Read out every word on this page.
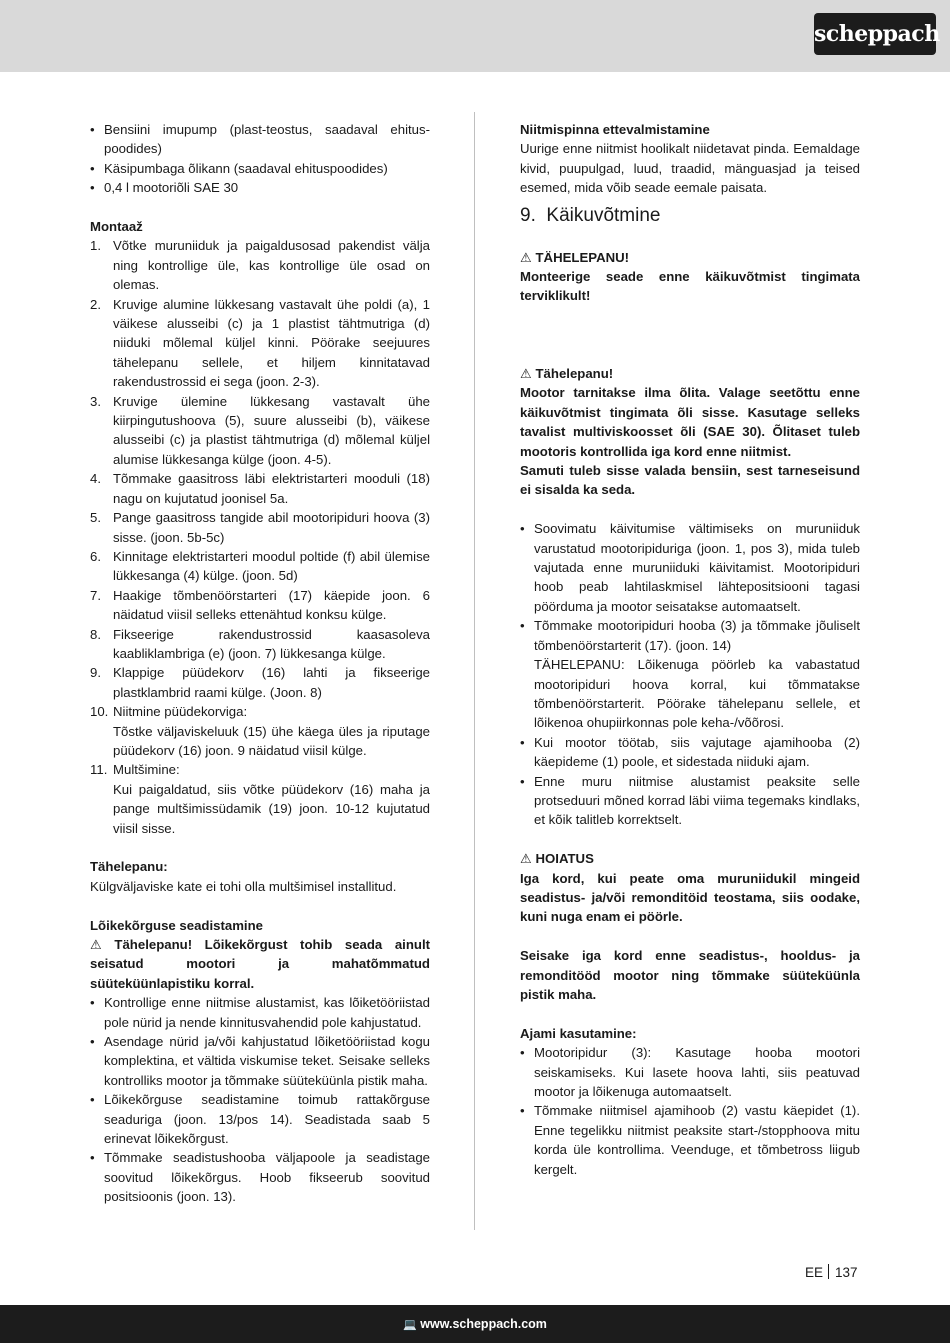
scheppach
• Bensiini imupump (plast-teostus, saadaval ehitus-poodides)
• Käsipumbaga õlikann (saadaval ehituspoodides)
• 0,4 l mootoriõli SAE 30

Montaaž

1. Võtke muruniiduk ja paigaldusosad pakendist välja ning kontrollige üle, kas kontrollige üle osad on olemas.
2. Kruvige alumine lükkesang vastavalt ühe poldi (a), 1 väikese alusseibi (c) ja 1 plastist tähtmutriga (d) niiduki mõlemal küljel kinni. Pöörake seejuures tähelepanu sellele, et hiljem kinnitatavad rakendustrossid ei sega (joon. 2-3).
3. Kruvige ülemine lükkesang vastavalt ühe kiirpingutushoova (5), suure alusseibi (b), väikese alusseibi (c) ja plastist tähtmutriga (d) mõlemal küljel alumise lükkesanga külge (joon. 4-5).
4. Tõmmake gaasitross läbi elektristarteri mooduli (18) nagu on kujutatud joonisel 5a.
5. Pange gaasitross tangide abil mootoripiduri hoova (3) sisse. (joon. 5b-5c)
6. Kinnitage elektristarteri moodul poltide (f) abil ülemise lükkesanga (4) külge. (joon. 5d)
7. Haakige tõmbenöörstarteri (17) käepide joon. 6 näidatud viisil selleks ettenähtud konksu külge.
8. Fikseerige rakendustrossid kaasasoleva kaabliklambriga (e) (joon. 7) lükkesanga külge.
9. Klappige püüdekorv (16) lahti ja fikseerige plastklambrid raami külge. (Joon. 8)
10. Niitmine püüdekorviga:
Tõstke väljaviskeluuk (15) ühe käega üles ja riputage püüdekorv (16) joon. 9 näidatud viisil külge.
11. Multšimine:
Kui paigaldatud, siis võtke püüdekorv (16) maha ja pange multšimissüdamik (19) joon. 10-12 kujutatud viisil sisse.

Tähelepanu:

Külgväljaviske kate ei tohi olla multšimisel installitud.

Lõikekõrguse seadistamine

⚠ Tähelepanu! Lõikekõrgust tohib seada ainult seisatud mootori ja mahatõmmatud süüteküünlapistiku korral.

• Kontrollige enne niitmise alustamist, kas lõiketööriistad pole nürid ja nende kinnitusvahendid pole kahjustatud.
• Asendage nürid ja/või kahjustatud lõiketööriistad kogu komplektina, et vältida viskumise teket. Seisake selleks kontrolliks mootor ja tõmmake süüteküünla pistik maha.
• Lõikekõrguse seadistamine toimub rattakõrguse seaduriga (joon. 13/pos 14). Seadistada saab 5 erinevat lõikekõrgust.
• Tõmmake seadistushooba väljapoole ja seadistage soovitud lõikekõrgus. Hoob fikseerub soovitud positsioonis (joon. 13).

Niitmispinna ettevalmistamine

Uurige enne niitmist hoolikalt niidetavat pinda. Eemaldage kivid, puupulgad, luud, traadid, mänguasjad ja teised esemed, mida võib seade eemale paisata.

9. Käikuvõtmine

⚠ TÄHELEPANU!

Monteerige seade enne käikuvõtmist tingimata terviklikult!

⚠ Tähelepanu!

Mootor tarnitakse ilma õlita. Valage seetõttu enne käikuvõtmist tingimata õli sisse. Kasutage selleks tavalist multiviskoosset õli (SAE 30). Õlitaset tuleb mootoris kontrollida iga kord enne niitmist.

Samuti tuleb sisse valada bensiin, sest tarneseisund ei sisalda ka seda.

• Soovimatu käivitumise vältimiseks on muruniiduk varustatud mootoripiduriga (joon. 1, pos 3), mida tuleb vajutada enne muruniiduki käivitamist. Mootoripiduri hoob peab lahtilaskmisel lähtepositsiooni tagasi pöörduma ja mootor seisatakse automaatselt.
• Tõmmake mootoripiduri hooba (3) ja tõmmake jõuliselt tõmbenöörstarterit (17). (joon. 14)
TÄHELEPANU: Lõikenuga pöörleb ka vabastatud mootoripiduri hoova korral, kui tõmmatakse tõmbenöörstarterit. Pöörake tähelepanu sellele, et lõikenoa ohupiirkonnas pole keha-/võõrosi.
• Kui mootor töötab, siis vajutage ajamihooba (2) käepideme (1) poole, et sidestada niiduki ajam.
• Enne muru niitmise alustamist peaksite selle protseduuri mõned korrad läbi viima tegemaks kindlaks, et kõik talitleb korrektselt.

⚠ HOIATUS

Iga kord, kui peate oma muruniidukil mingeid seadistus- ja/või remonditöid teostama, siis oodake, kuni nuga enam ei pöörle.

Seisake iga kord enne seadistus-, hooldus- ja remonditööd mootor ning tõmmake süüteküünla pistik maha.

Ajami kasutamine:

• Mootoripidur (3): Kasutage hooba mootori seiskamiseks. Kui lasete hoova lahti, siis peatuvad mootor ja lõikenuga automaatselt.
• Tõmmake niitmisel ajamihoob (2) vastu käepidet (1). Enne tegelikku niitmist peaksite start-/stopphoova mitu korda üle kontrollima. Veenduge, et tõmbetross liigub kergelt.
EE 137
💻 www.scheppach.com
